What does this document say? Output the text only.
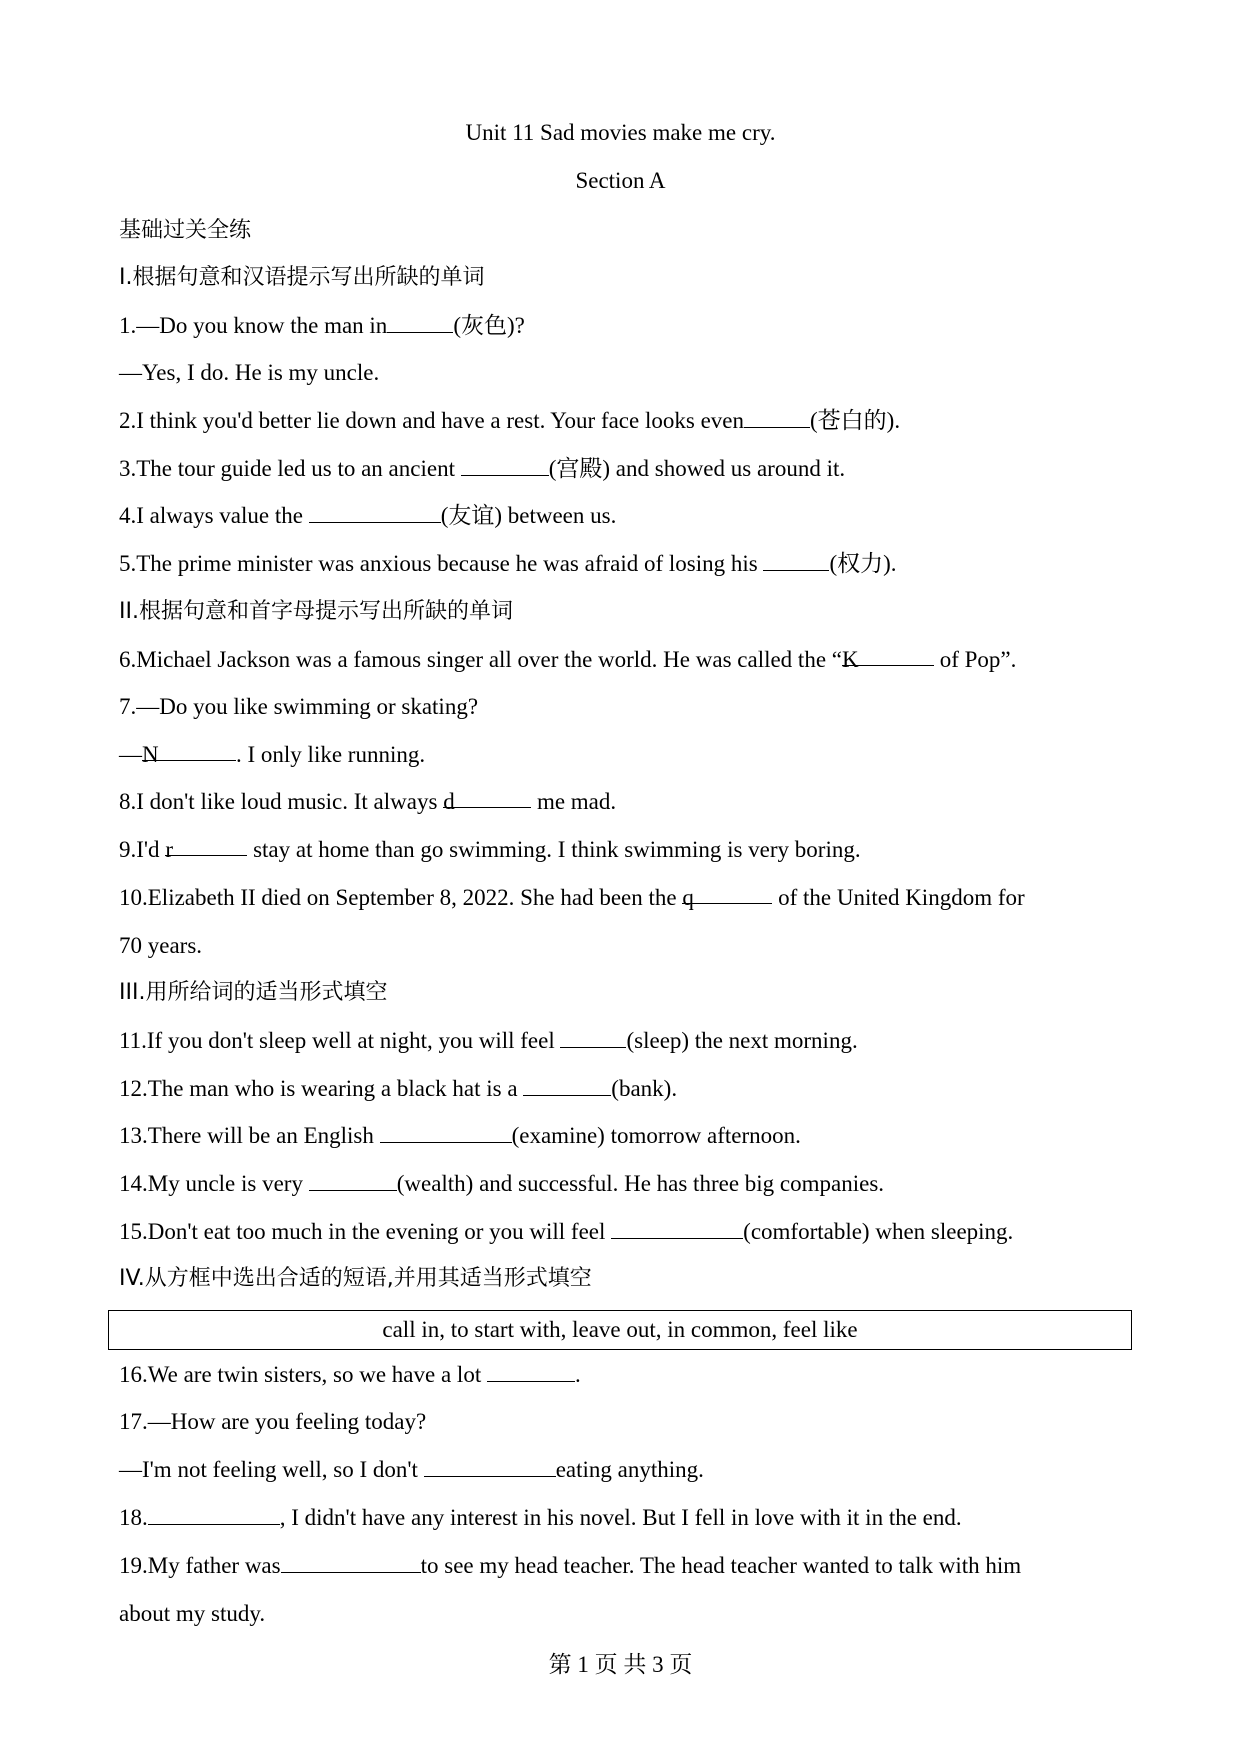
Unit 11 Sad movies make me cry.
Section A
基础过关全练
I.根据句意和汉语提示写出所缺的单词
1.—Do you know the man in	(灰色)?
—Yes, I do. He is my uncle.
2.I think you'd better lie down and have a rest. Your face looks even	(苍白的).
3.The tour guide led us to an ancient	(宫殿) and showed us around it.
4.I always value the	(友谊) between us.
5.The prime minister was anxious because he was afraid of losing his	(权力).
II.根据句意和首字母提示写出所缺的单词
6.Michael Jackson was a famous singer all over the world. He was called the “K	of Pop”.
7.—Do you like swimming or skating?
—N	. I only like running.
8.I don't like loud music. It always d	me mad.
9.I'd r	stay at home than go swimming. I think swimming is very boring.
10.Elizabeth II died on September 8, 2022. She had been the q	of the United Kingdom for
70 years.
III.用所给词的适当形式填空
11.If you don't sleep well at night, you will feel	(sleep) the next morning.
12.The man who is wearing a black hat is a	(bank).
13.There will be an English	(examine) tomorrow afternoon.
14.My uncle is very	(wealth) and successful. He has three big companies.
15.Don't eat too much in the evening or you will feel	(comfortable) when sleeping.
IV.从方框中选出合适的短语,并用其适当形式填空
call in, to start with, leave out, in common, feel like
16.We are twin sisters, so we have a lot	.
17.—How are you feeling today?
—I'm not feeling well, so I don't	eating anything.
18.	, I didn't have any interest in his novel. But I fell in love with it in the end.
19.My father was	to see my head teacher. The head teacher wanted to talk with him
about my study.
第 1 页 共 3 页
